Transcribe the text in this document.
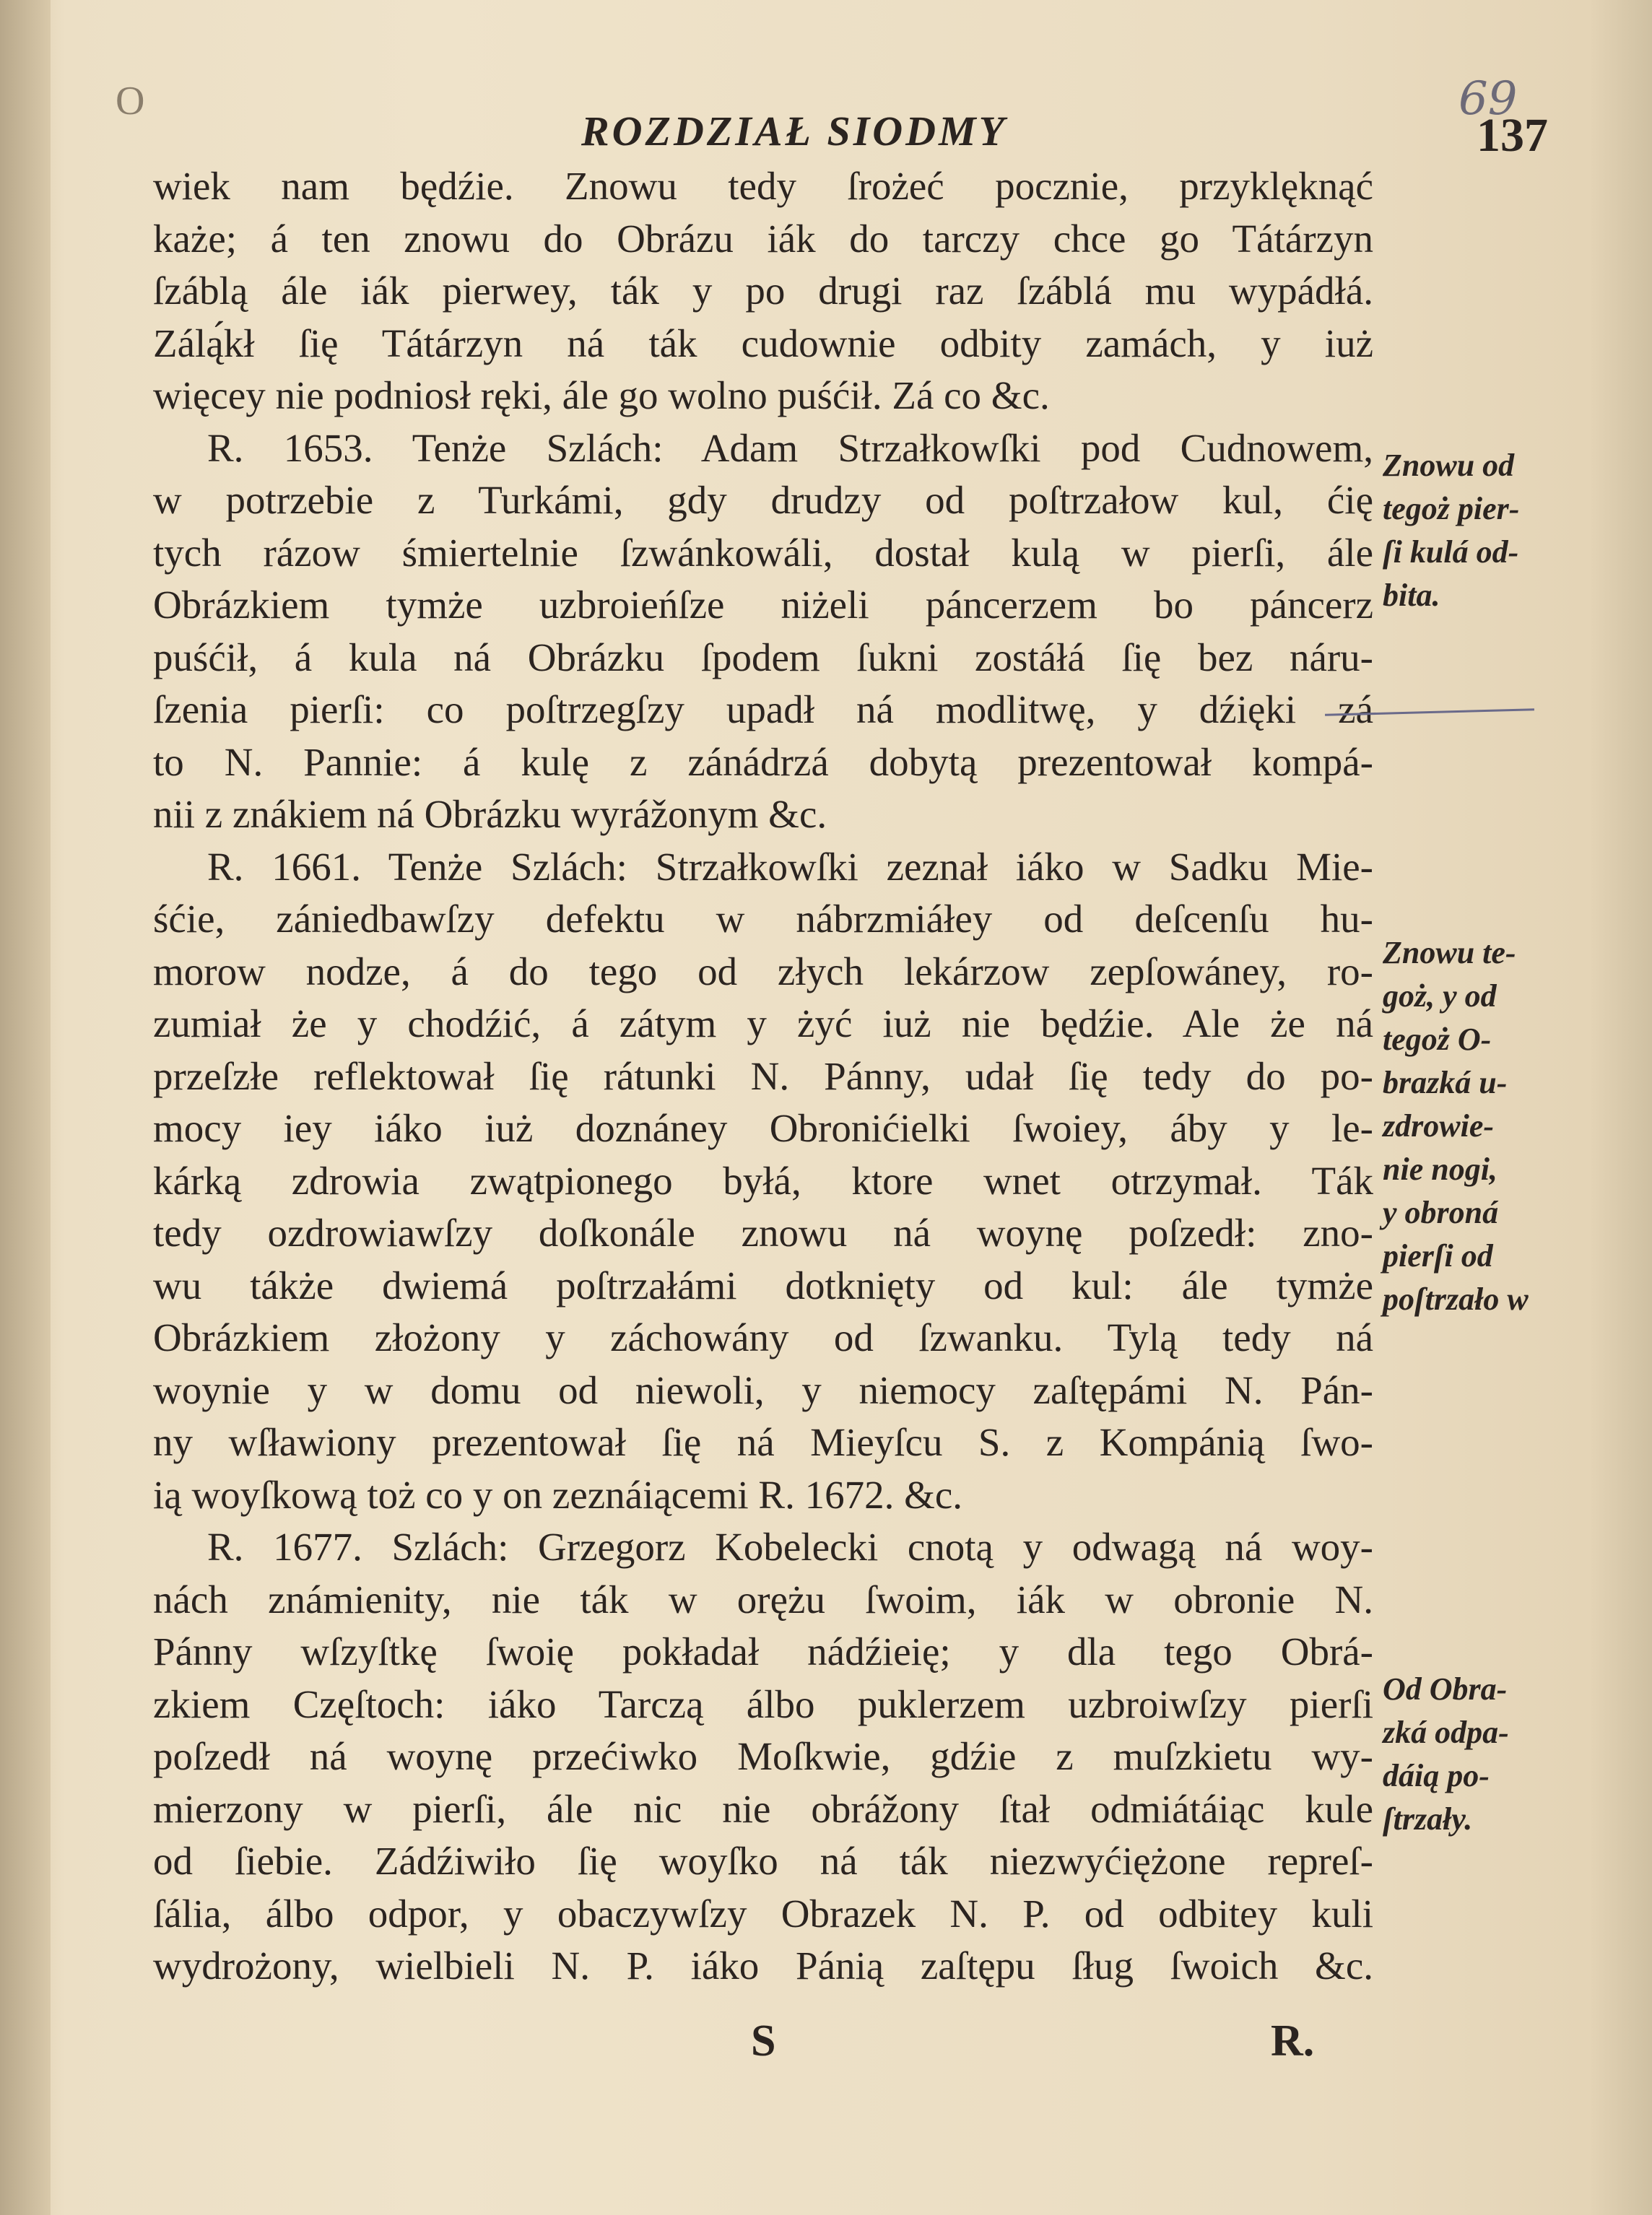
O	69
ROZDZIAŁ SIODMY	137
wiek nam będźie. Znowu tedy ſrożeć pocznie, przyklęknąć
każe; á ten znowu do Obrázu iák do tarczy chce go Tátárzyn
ſzáblą ále iák pierwey, ták y po drugi raz ſzáblá mu wypádłá.
Zálą́kł ſię Tátárzyn ná ták cudownie odbity zamách, y iuż
więcey nie podniosł ręki, ále go wolno puśćił. Zá co &c.
R. 1653. Tenże Szlách: Adam Strzałkowſki pod Cudnowem,
w potrzebie z Turkámi, gdy drudzy od poſtrzałow kul, ćię
tych rázow śmiertelnie ſzwánkowáli, dostał kulą w pierſi, ále
Obrázkiem tymże uzbroieńſze niżeli páncerzem bo páncerz
puśćił, á kula ná Obrázku ſpodem ſukni zostáłá ſię bez náru-
ſzenia pierſi: co poſtrzegſzy upadł ná modlitwę, y dźięki zá
to N. Pannie: á kulę z zánádrzá dobytą prezentował kompá-
nii z znákiem ná Obrázku wyrážonym &c.
R. 1661. Tenże Szlách: Strzałkowſki zeznał iáko w Sadku Mie-
śćie, zániedbawſzy defektu w nábrzmiáłey od deſcenſu hu-
morow nodze, á do tego od złych lekárzow zepſowáney, ro-
zumiał że y chodźić, á zátym y żyć iuż nie będźie. Ale że ná
przeſzłe reflektował ſię rátunki N. Pánny, udał ſię tedy do po-
mocy iey iáko iuż doznáney Obronićielki ſwoiey, áby y le-
kárką zdrowia zwątpionego byłá, ktore wnet otrzymał. Ták
tedy ozdrowiawſzy doſkonále znowu ná woynę poſzedł: zno-
wu tákże dwiemá poſtrzałámi dotknięty od kul: ále tymże
Obrázkiem złożony y záchowány od ſzwanku. Tylą tedy ná
woynie y w domu od niewoli, y niemocy zaſtępámi N. Pán-
ny wſławiony prezentował ſię ná Mieyſcu S. z Kompánią ſwo-
ią woyſkową toż co y on zeznáiącemi R. 1672. &c.
R. 1677. Szlách: Grzegorz Kobelecki cnotą y odwagą ná woy-
nách známienity, nie ták w orężu ſwoim, iák w obronie N.
Pánny wſzyſtkę ſwoię pokładał nádźieię; y dla tego Obrá-
zkiem Częſtoch: iáko Tarczą álbo puklerzem uzbroiwſzy pierſi
poſzedł ná woynę przećiwko Moſkwie, gdźie z muſzkietu wy-
mierzony w pierſi, ále nic nie obrážony ſtał odmiátáiąc kule
od ſiebie. Zádźiwiło ſię woyſko ná ták niezwyćiężone repreſ-
ſália, álbo odpor, y obaczywſzy Obrazek N. P. od odbitey kuli
wydrożony, wielbieli N. P. iáko Pánią zaſtępu ſług ſwoich &c.
Znowu od
tegoż pier-
ſi kulá od-
bita.
Znowu te-
goż, y od
tegoż O-
brazká u-
zdrowie-
nie nogi,
y obroná
pierſi od
poſtrzało w
Od Obra-
zká odpa-
dáią po-
ſtrzały.
S	R.
